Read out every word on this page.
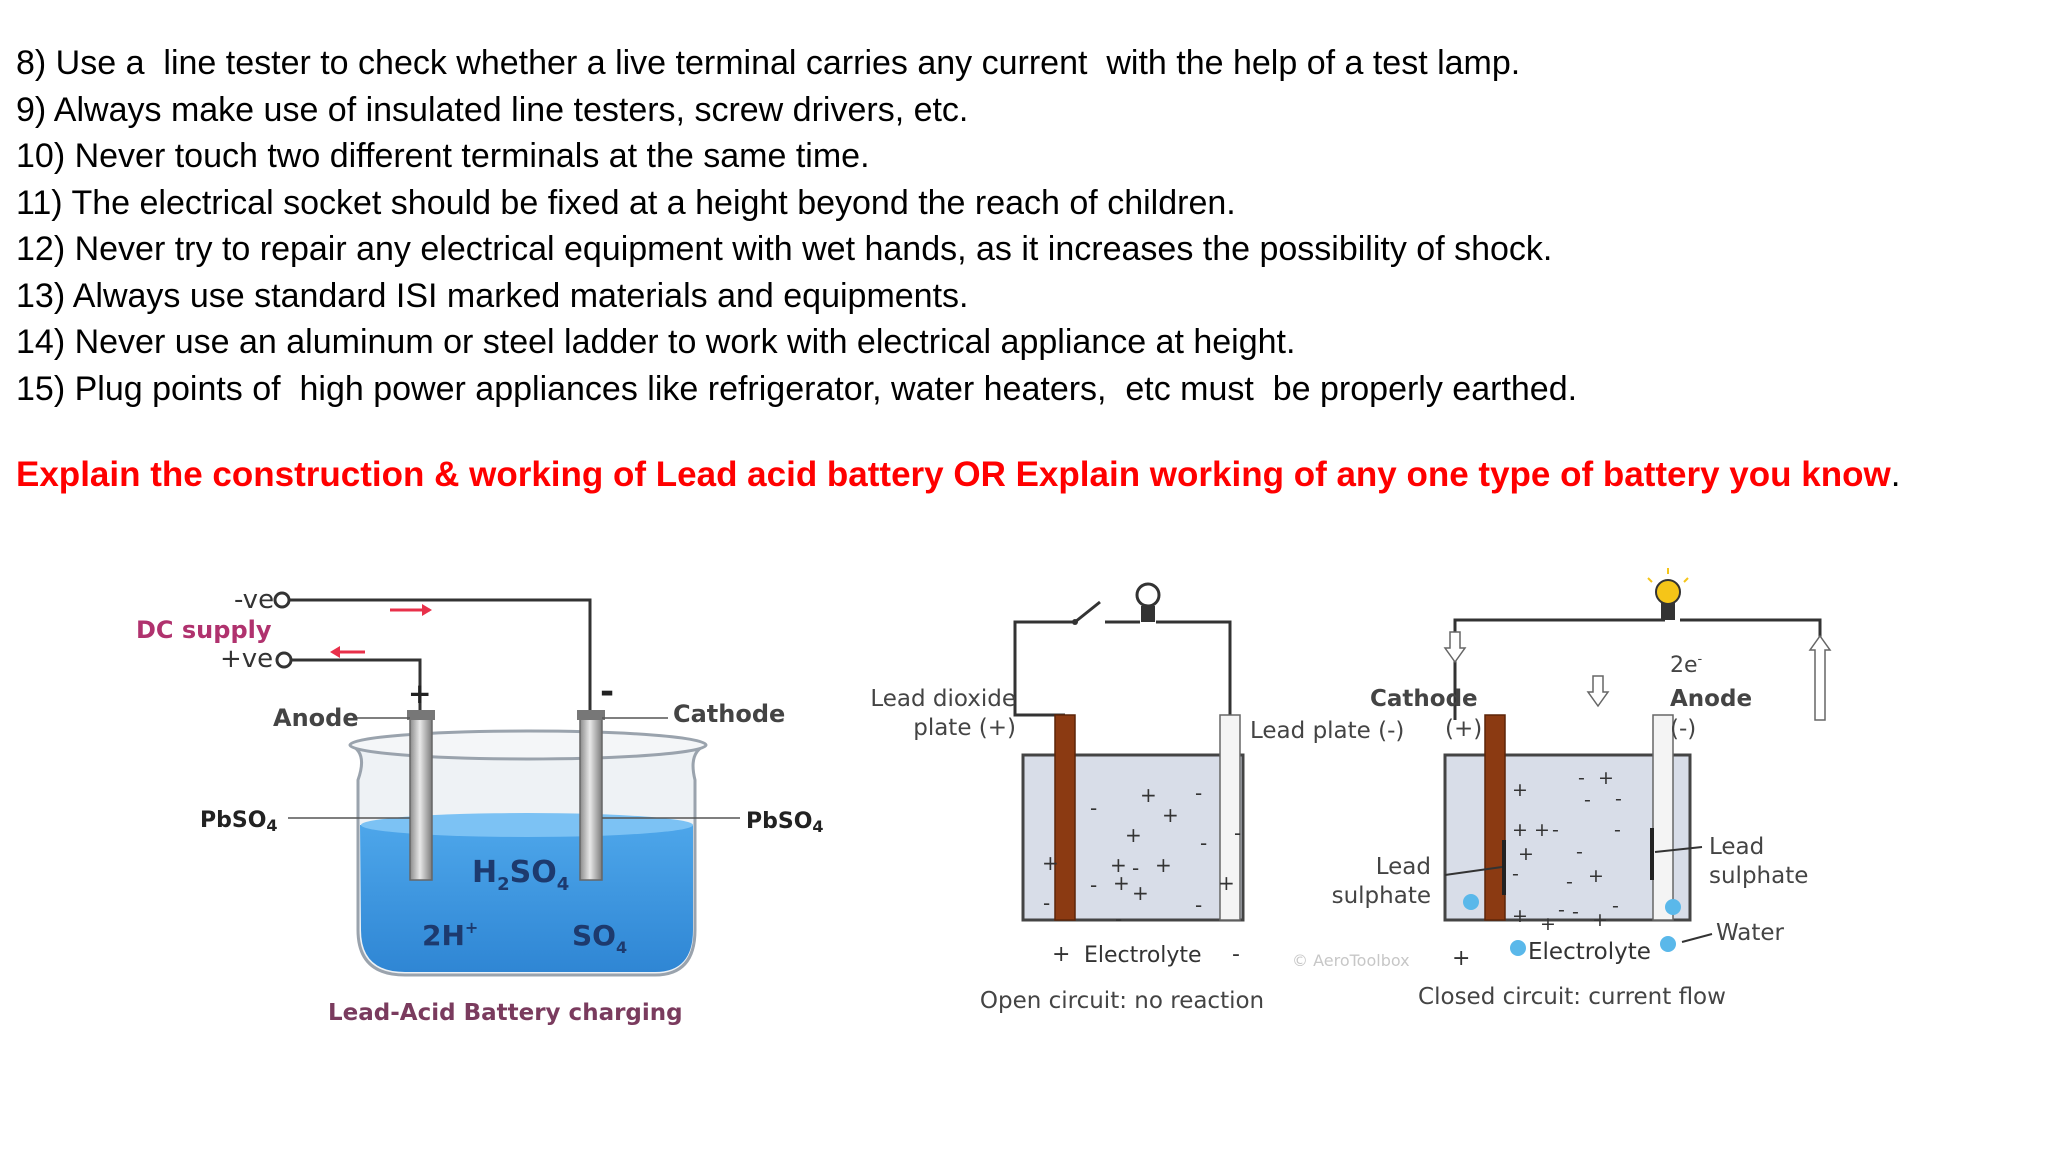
8) Use a  line tester to check whether a live terminal carries any current  with the help of a test lamp.
9) Always make use of insulated line testers, screw drivers, etc.
10) Never touch two different terminals at the same time.
11) The electrical socket should be fixed at a height beyond the reach of children.
12) Never try to repair any electrical equipment with wet hands, as it increases the possibility of shock.
13) Always use standard ISI marked materials and equipments.
14) Never use an aluminum or steel ladder to work with electrical appliance at height.
15) Plug points of  high power appliances like refrigerator, water heaters,  etc must  be properly earthed.
Explain the construction & working of Lead acid battery OR Explain working of any one type of battery you know.
-ve
DC supply
+ve
Anode	Cathode
+	-
PbSO4	PbSO4
$H_2SO_4$
2H+	$SO_4$
Lead-Acid Battery charging
+
+
+
+ +
+
+
+
+
-
-
-
-
-
-
-
-
-
+	-
Electrolyte
Lead dioxide
plate (+)	Lead plate (-)
Open circuit: no reaction
+
+ +
+
+
+
+ + +
-
- -
-
-
-
- -
- - -
+	Electrolyte
Cathode
(+)
Anode
(-)
2e-
Lead
sulphate
Lead
sulphate
Water
© AeroToolbox
Closed circuit: current flow
